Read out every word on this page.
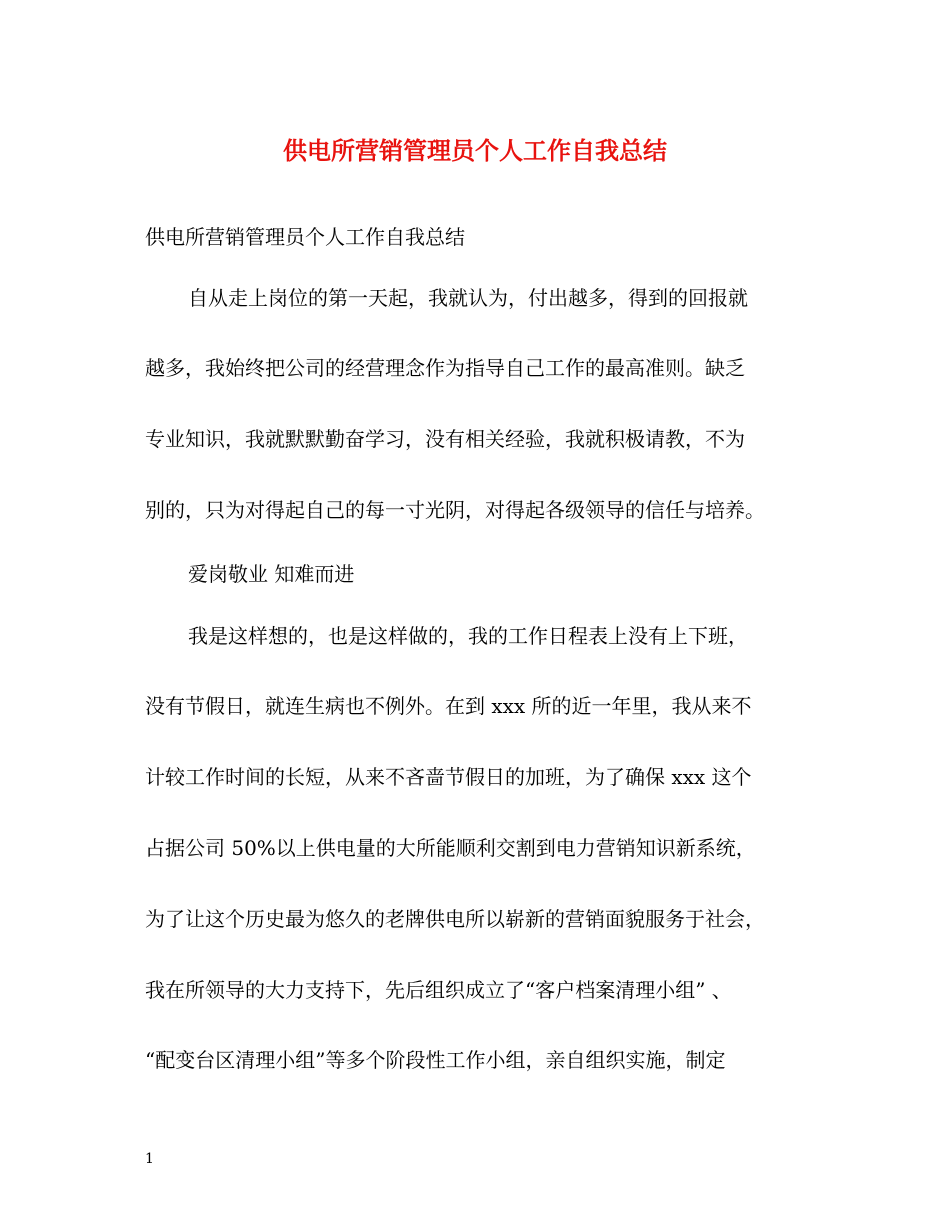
供电所营销管理员个人工作自我总结
供电所营销管理员个人工作自我总结
自从走上岗位的第一天起，我就认为，付出越多，得到的回报就
越多，我始终把公司的经营理念作为指导自己工作的最高准则。缺乏
专业知识，我就默默勤奋学习，没有相关经验，我就积极请教，不为
别的，只为对得起自己的每一寸光阴，对得起各级领导的信任与培养。
爱岗敬业 知难而进
我是这样想的，也是这样做的，我的工作日程表上没有上下班，
没有节假日，就连生病也不例外。在到 xxx 所的近一年里，我从来不
计较工作时间的长短，从来不吝啬节假日的加班，为了确保 xxx 这个
占据公司 50%以上供电量的大所能顺利交割到电力营销知识新系统，
为了让这个历史最为悠久的老牌供电所以崭新的营销面貌服务于社会，
我在所领导的大力支持下，先后组织成立了“客户档案清理小组” 、
“配变台区清理小组”等多个阶段性工作小组，亲自组织实施，制定
1
